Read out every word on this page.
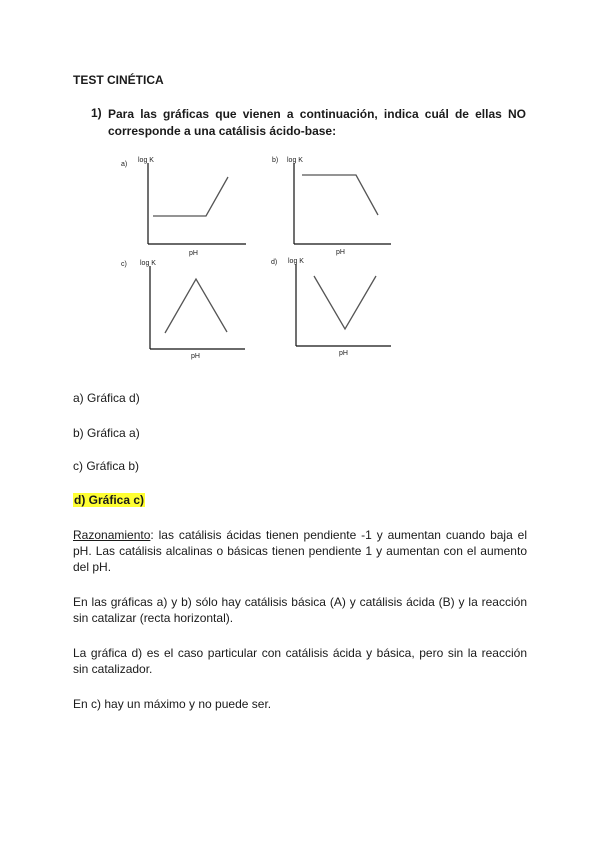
TEST CINÉTICA
1) Para las gráficas que vienen a continuación, indica cuál de ellas NO corresponde a una catálisis ácido-base:
a)
log K
pH
b) log K
pH
c) log K
pH
d) log K
pH
a) Gráfica d)
b) Gráfica a)
c) Gráfica b)
d) Gráfica c)
Razonamiento: las catálisis ácidas tienen pendiente -1 y aumentan cuando baja el pH. Las catálisis alcalinas o básicas tienen pendiente 1 y aumentan con el aumento del pH.
En las gráficas a) y b) sólo hay catálisis básica (A) y catálisis ácida (B) y la reacción sin catalizar (recta horizontal).
La gráfica d) es el caso particular con catálisis ácida y básica, pero sin la reacción sin catalizador.
En c) hay un máximo y no puede ser.
